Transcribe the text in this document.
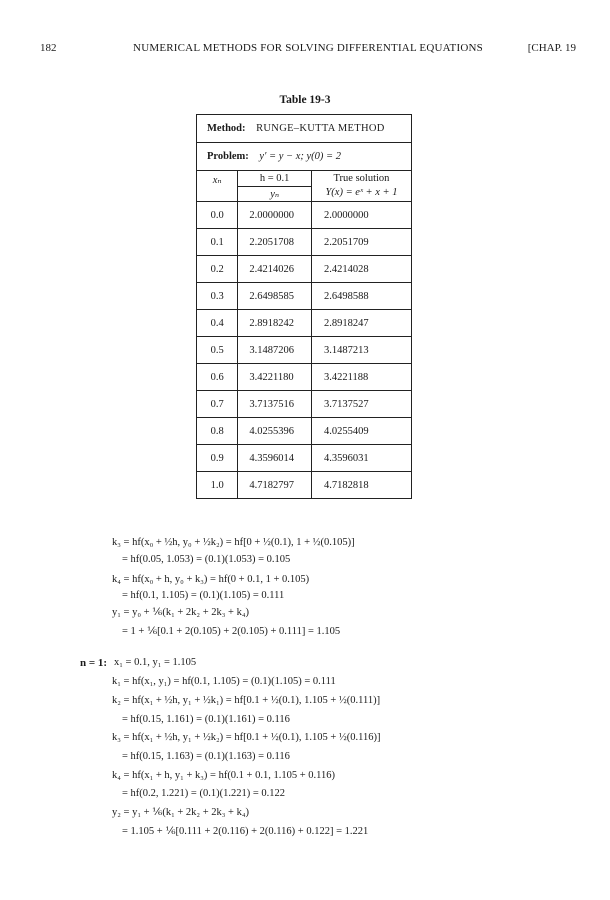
182	NUMERICAL METHODS FOR SOLVING DIFFERENTIAL EQUATIONS	[CHAP. 19
Table 19-3
Method: RUNGE–KUTTA METHOD		
Problem: y′ = y − x; y(0) = 2		
xₙ	h = 0.1	True solution
Y(x) = eˣ + x + 1

	yₙ	
0.0	2.0000000	2.0000000
0.1	2.2051708	2.2051709
0.2	2.4214026	2.4214028
0.3	2.6498585	2.6498588
0.4	2.8918242	2.8918247
0.5	3.1487206	3.1487213
0.6	3.4221180	3.4221188
0.7	3.7137516	3.7137527
0.8	4.0255396	4.0255409
0.9	4.3596014	4.3596031
1.0	4.7182797	4.7182818
k₃ = hf(x₀ + ½h, y₀ + ½k₂) = hf[0 + ½(0.1), 1 + ½(0.105)]
= hf(0.05, 1.053) = (0.1)(1.053) = 0.105
k₄ = hf(x₀ + h, y₀ + k₃) = hf(0 + 0.1, 1 + 0.105)
= hf(0.1, 1.105) = (0.1)(1.105) = 0.111
y₁ = y₀ + ⅙(k₁ + 2k₂ + 2k₃ + k₄)
= 1 + ⅙[0.1 + 2(0.105) + 2(0.105) + 0.111] = 1.105
n = 1: x₁ = 0.1, y₁ = 1.105
k₁ = hf(x₁, y₁) = hf(0.1, 1.105) = (0.1)(1.105) = 0.111
k₂ = hf(x₁ + ½h, y₁ + ½k₁) = hf[0.1 + ½(0.1), 1.105 + ½(0.111)]
= hf(0.15, 1.161) = (0.1)(1.161) = 0.116
k₃ = hf(x₁ + ½h, y₁ + ½k₂) = hf[0.1 + ½(0.1), 1.105 + ½(0.116)]
= hf(0.15, 1.163) = (0.1)(1.163) = 0.116
k₄ = hf(x₁ + h, y₁ + k₃) = hf(0.1 + 0.1, 1.105 + 0.116)
= hf(0.2, 1.221) = (0.1)(1.221) = 0.122
y₂ = y₁ + ⅙(k₁ + 2k₂ + 2k₃ + k₄)
= 1.105 + ⅙[0.111 + 2(0.116) + 2(0.116) + 0.122] = 1.221
